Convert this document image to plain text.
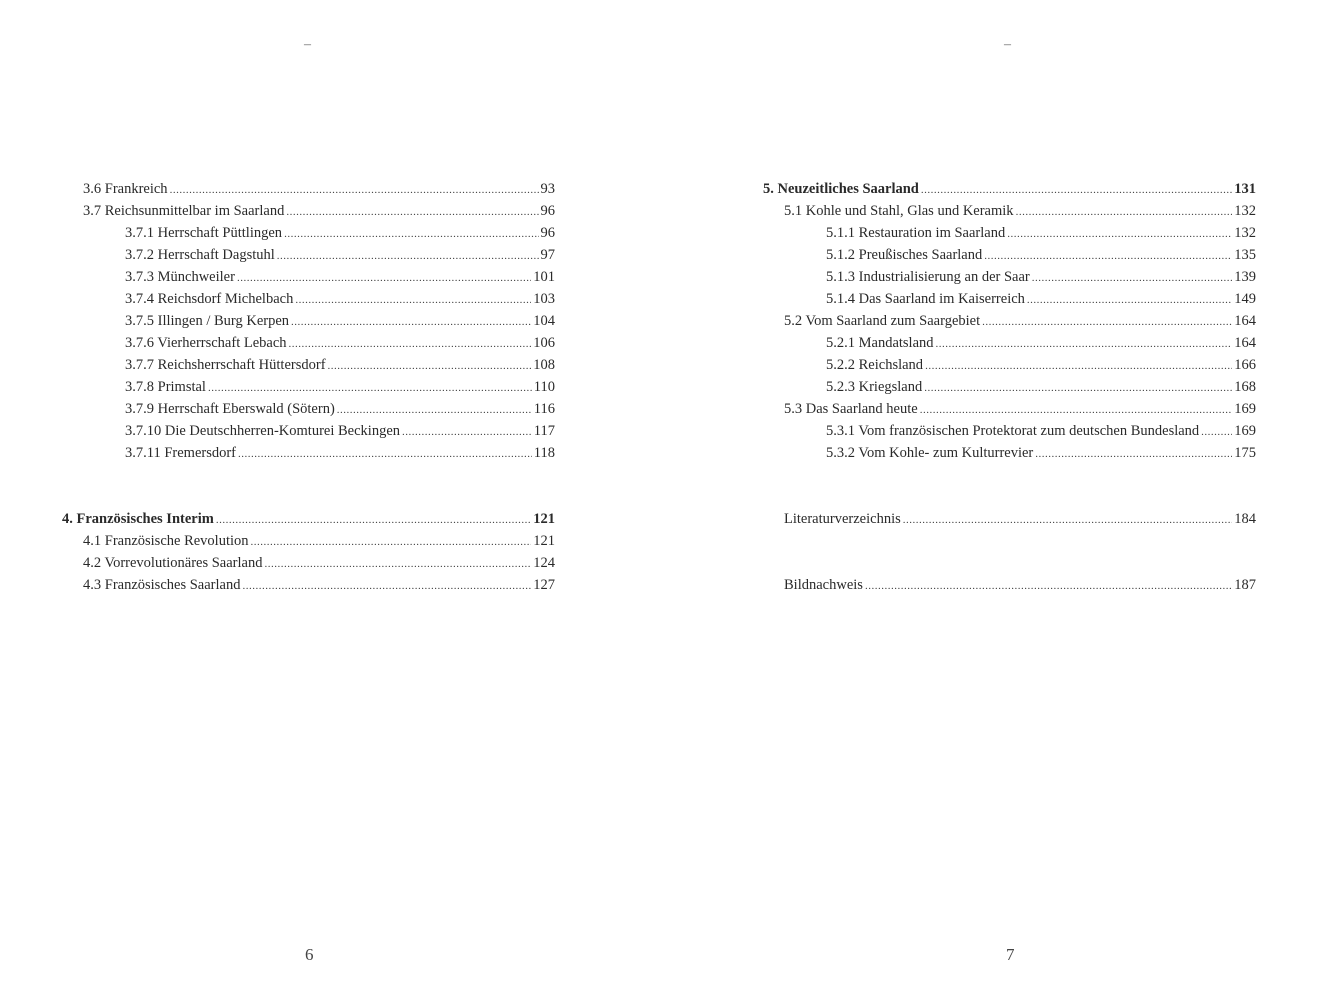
–
3.6 Frankreich .....	93
3.7 Reichsunmittelbar im Saarland .....	96
3.7.1 Herrschaft Püttlingen .....	96
3.7.2 Herrschaft Dagstuhl .....	97
3.7.3 Münchweiler .....	101
3.7.4 Reichsdorf Michelbach .....	103
3.7.5 Illingen / Burg Kerpen .....	104
3.7.6 Vierherrschaft Lebach .....	106
3.7.7 Reichsherrschaft Hüttersdorf .....	108
3.7.8 Primstal .....	110
3.7.9 Herrschaft Eberswald (Sötern) .....	116
3.7.10 Die Deutschherren-Komturei Beckingen .....	117
3.7.11 Fremersdorf .....	118
4. Französisches Interim .....	121
4.1 Französische Revolution .....	121
4.2 Vorrevolutionäres Saarland .....	124
4.3 Französisches Saarland .....	127
6
–
5. Neuzeitliches Saarland .....	131
5.1 Kohle und Stahl, Glas und Keramik .....	132
5.1.1 Restauration im Saarland .....	132
5.1.2 Preußisches Saarland .....	135
5.1.3 Industrialisierung an der Saar .....	139
5.1.4 Das Saarland im Kaiserreich .....	149
5.2 Vom Saarland zum Saargebiet .....	164
5.2.1 Mandatsland .....	164
5.2.2 Reichsland .....	166
5.2.3 Kriegsland .....	168
5.3 Das Saarland heute .....	169
5.3.1 Vom französischen Protektorat zum deutschen Bundesland ..... 169
5.3.2 Vom Kohle- zum Kulturrevier .....	175
Literaturverzeichnis .....	184
Bildnachweis .....	187
7
